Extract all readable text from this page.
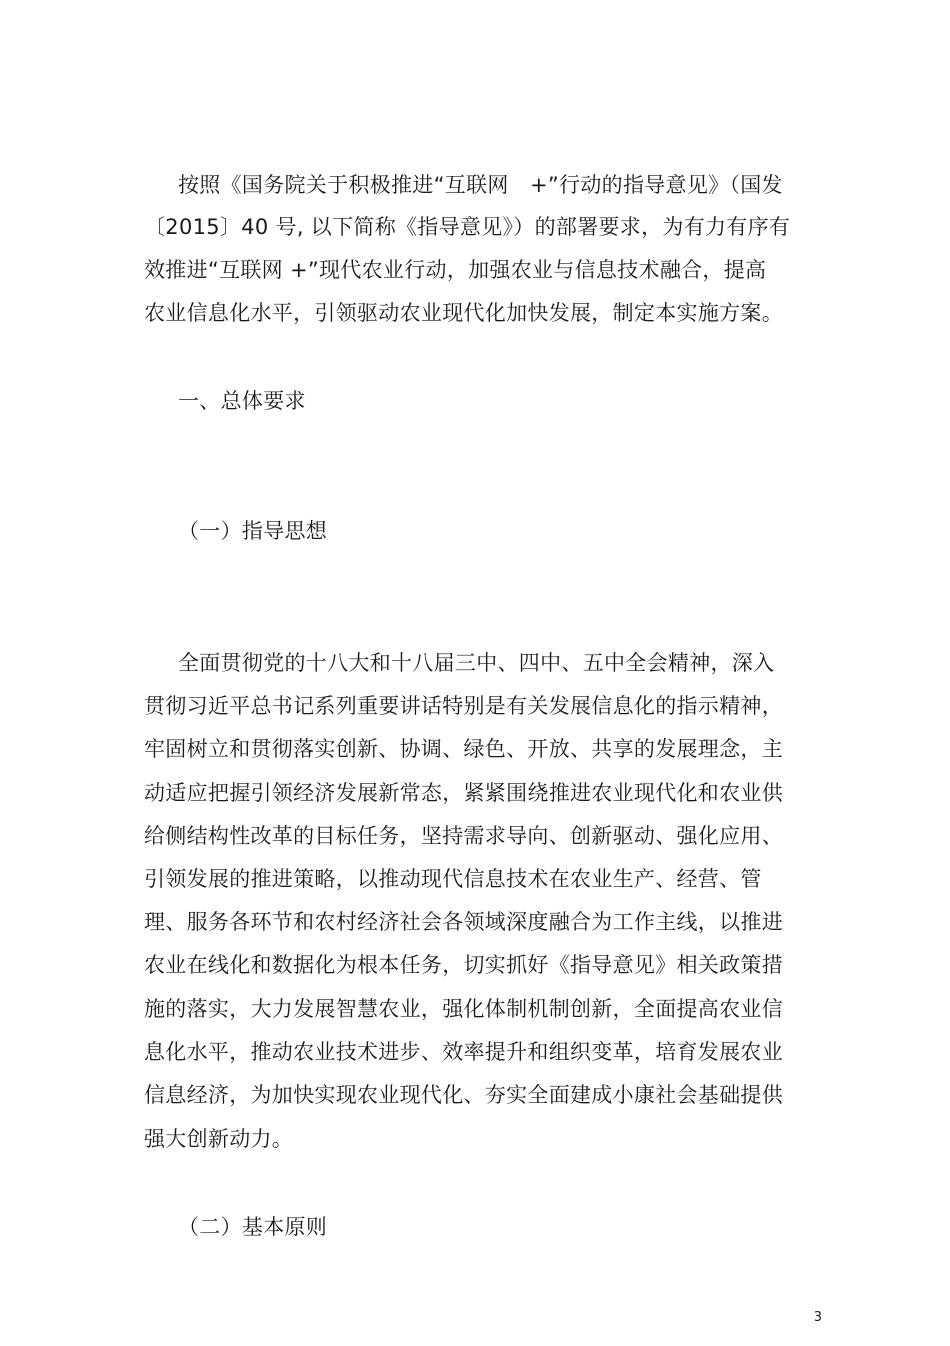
按照《国务院关于积极推进“互联网　+”行动的指导意见》（国发
〔2015〕40 号, 以下简称《指导意见》）的部署要求，为有力有序有
效推进“互联网 +”现代农业行动，加强农业与信息技术融合，提高
农业信息化水平，引领驱动农业现代化加快发展，制定本实施方案。
一、总体要求
（一）指导思想
全面贯彻党的十八大和十八届三中、四中、五中全会精神，深入
贯彻习近平总书记系列重要讲话特别是有关发展信息化的指示精神，
牢固树立和贯彻落实创新、协调、绿色、开放、共享的发展理念，主
动适应把握引领经济发展新常态，紧紧围绕推进农业现代化和农业供
给侧结构性改革的目标任务，坚持需求导向、创新驱动、强化应用、
引领发展的推进策略，以推动现代信息技术在农业生产、经营、管
理、服务各环节和农村经济社会各领域深度融合为工作主线，以推进
农业在线化和数据化为根本任务，切实抓好《指导意见》相关政策措
施的落实，大力发展智慧农业，强化体制机制创新，全面提高农业信
息化水平，推动农业技术进步、效率提升和组织变革，培育发展农业
信息经济，为加快实现农业现代化、夯实全面建成小康社会基础提供
强大创新动力。
（二）基本原则
3
